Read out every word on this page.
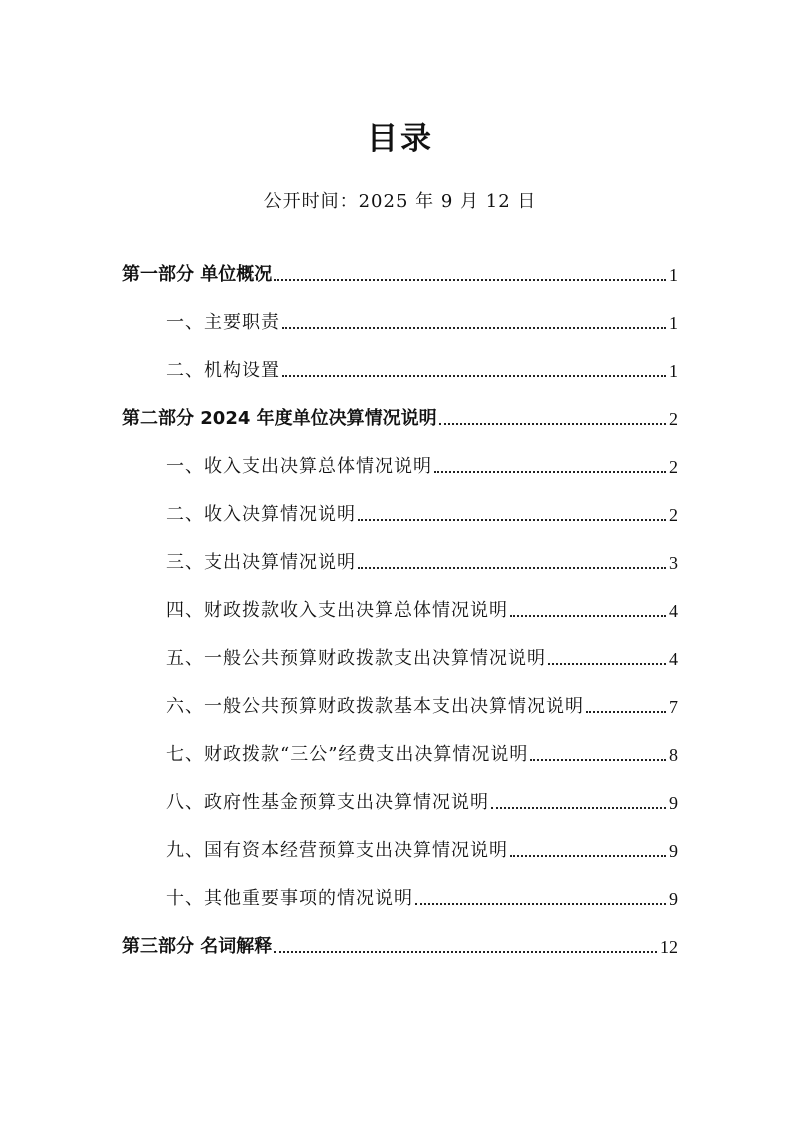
目录
公开时间：2025 年 9 月 12 日
第一部分 单位概况	1
一、主要职责	1
二、机构设置	1
第二部分 2024 年度单位决算情况说明	2
一、收入支出决算总体情况说明	2
二、收入决算情况说明	2
三、支出决算情况说明	3
四、财政拨款收入支出决算总体情况说明	4
五、一般公共预算财政拨款支出决算情况说明	4
六、一般公共预算财政拨款基本支出决算情况说明	7
七、财政拨款“三公”经费支出决算情况说明	8
八、政府性基金预算支出决算情况说明	9
九、国有资本经营预算支出决算情况说明	9
十、其他重要事项的情况说明	9
第三部分 名词解释	12
